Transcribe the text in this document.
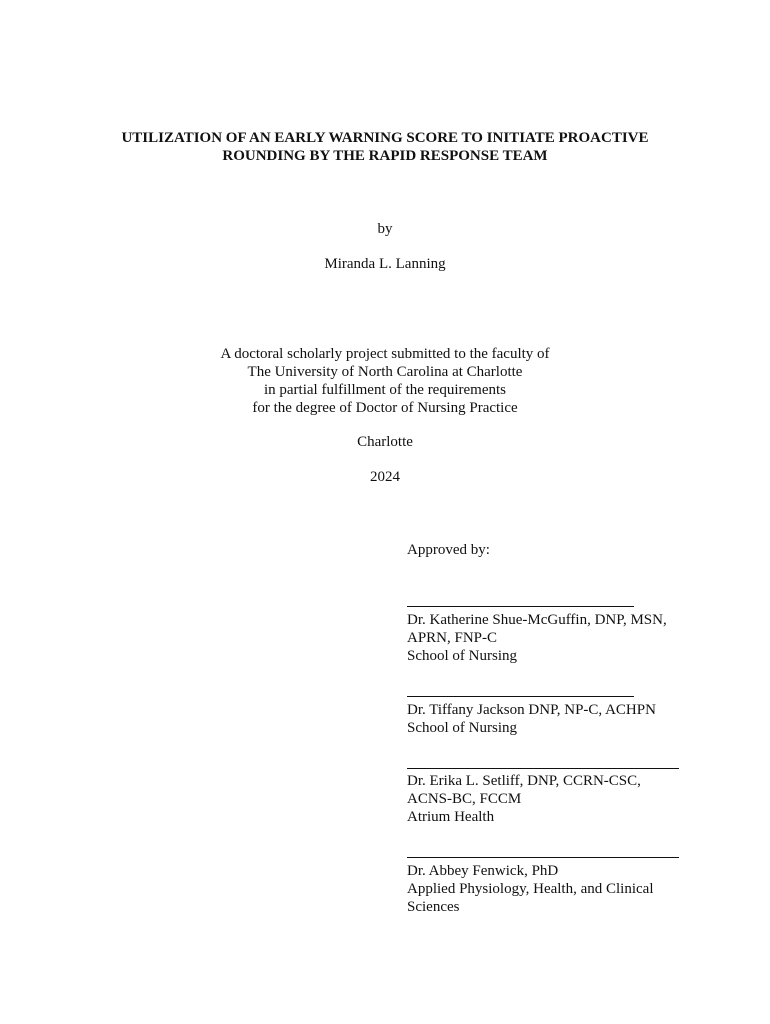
UTILIZATION OF AN EARLY WARNING SCORE TO INITIATE PROACTIVE
ROUNDING BY THE RAPID RESPONSE TEAM
by
Miranda L. Lanning
A doctoral scholarly project submitted to the faculty of
The University of North Carolina at Charlotte
in partial fulfillment of the requirements
for the degree of Doctor of Nursing Practice
Charlotte
2024
Approved by:
Dr. Katherine Shue-McGuffin, DNP, MSN,
APRN, FNP-C
School of Nursing
Dr. Tiffany Jackson DNP, NP-C, ACHPN
School of Nursing
Dr. Erika L. Setliff, DNP, CCRN-CSC,
ACNS-BC, FCCM
Atrium Health
Dr. Abbey Fenwick, PhD
Applied Physiology, Health, and Clinical
Sciences
